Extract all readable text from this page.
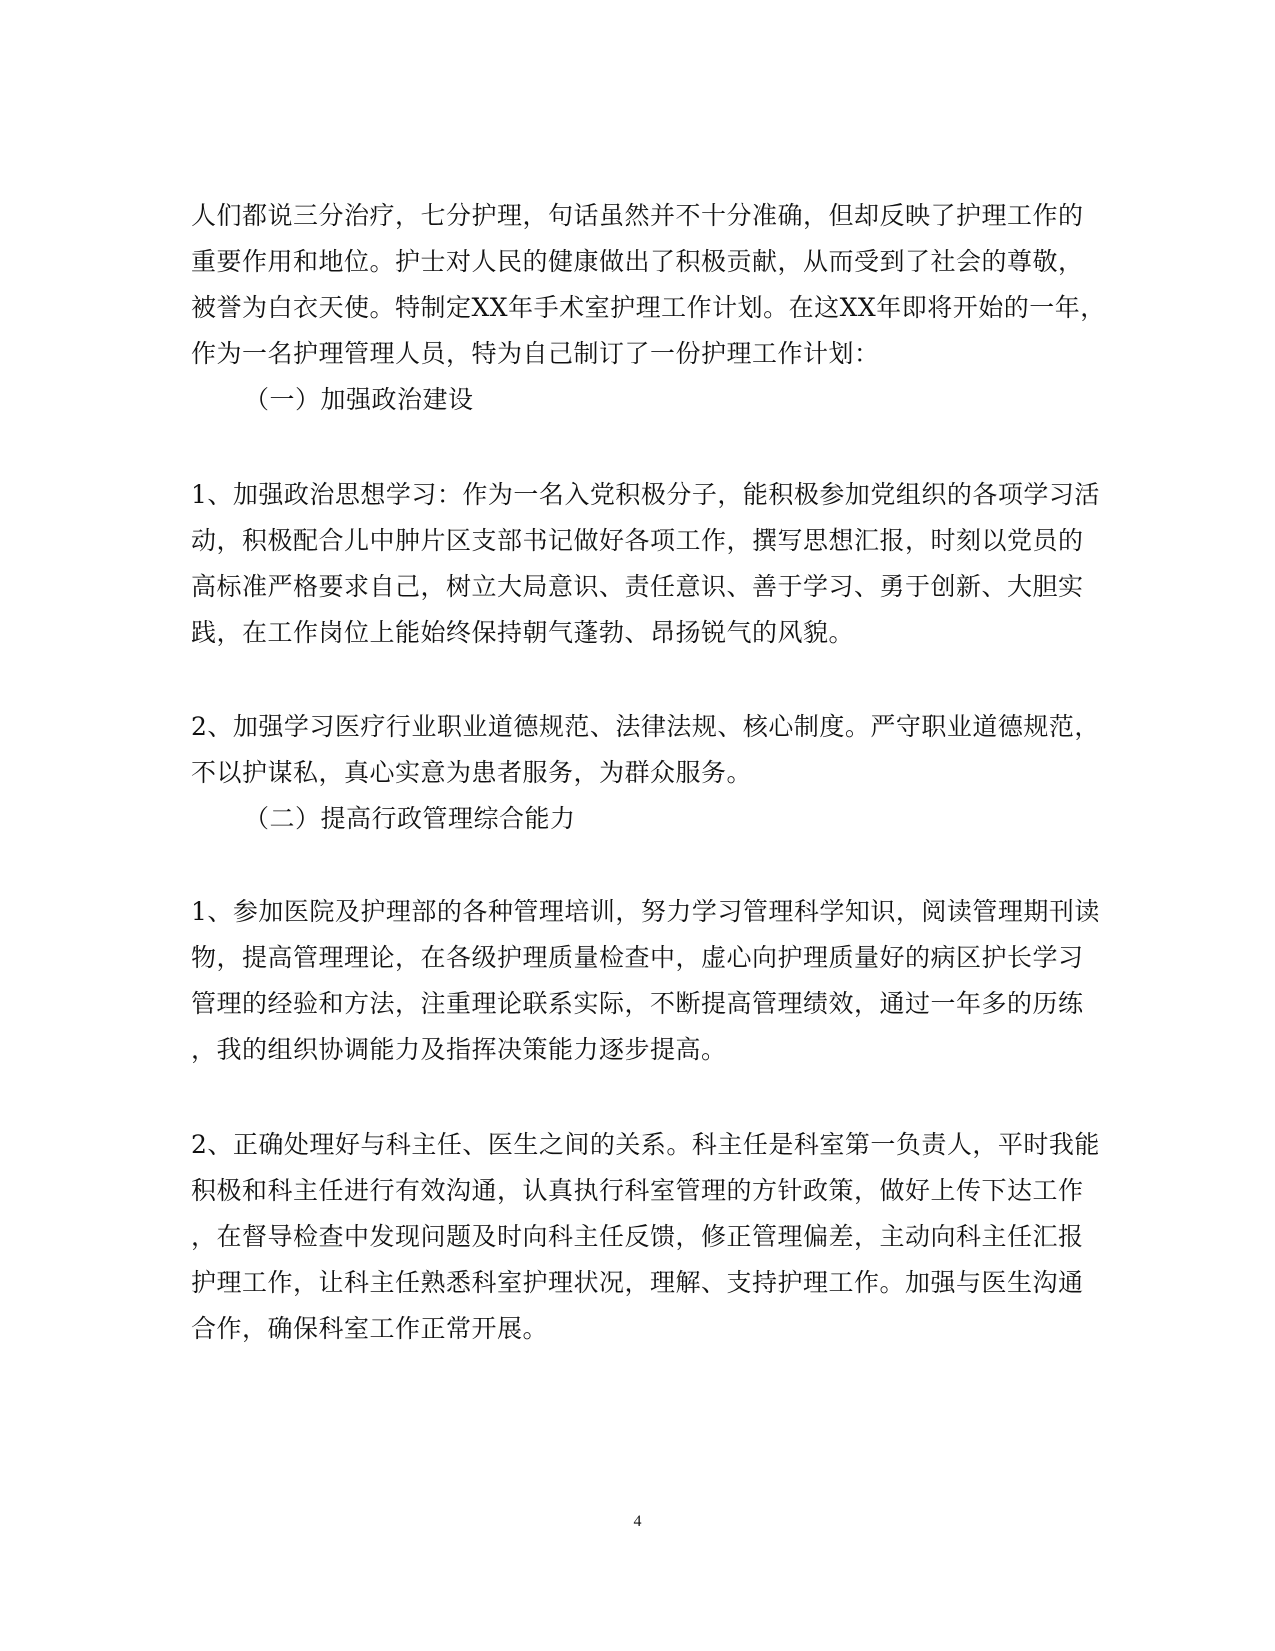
人们都说三分治疗，七分护理，句话虽然并不十分准确，但却反映了护理工作的

重要作用和地位。护士对人民的健康做出了积极贡献，从而受到了社会的尊敬，

被誉为白衣天使。特制定XX年手术室护理工作计划。在这XX年即将开始的一年，

作为一名护理管理人员，特为自己制订了一份护理工作计划：

（一）加强政治建设

1、加强政治思想学习：作为一名入党积极分子，能积极参加党组织的各项学习活

动，积极配合儿中肿片区支部书记做好各项工作，撰写思想汇报，时刻以党员的

高标准严格要求自己，树立大局意识、责任意识、善于学习、勇于创新、大胆实

践，在工作岗位上能始终保持朝气蓬勃、昂扬锐气的风貌。

2、加强学习医疗行业职业道德规范、法律法规、核心制度。严守职业道德规范，

不以护谋私，真心实意为患者服务，为群众服务。

（二）提高行政管理综合能力

1、参加医院及护理部的各种管理培训，努力学习管理科学知识，阅读管理期刊读

物，提高管理理论，在各级护理质量检查中，虚心向护理质量好的病区护长学习

管理的经验和方法，注重理论联系实际，不断提高管理绩效，通过一年多的历练

，我的组织协调能力及指挥决策能力逐步提高。

2、正确处理好与科主任、医生之间的关系。科主任是科室第一负责人，平时我能

积极和科主任进行有效沟通，认真执行科室管理的方针政策，做好上传下达工作

，在督导检查中发现问题及时向科主任反馈，修正管理偏差，主动向科主任汇报

护理工作，让科主任熟悉科室护理状况，理解、支持护理工作。加强与医生沟通

合作，确保科室工作正常开展。

4
